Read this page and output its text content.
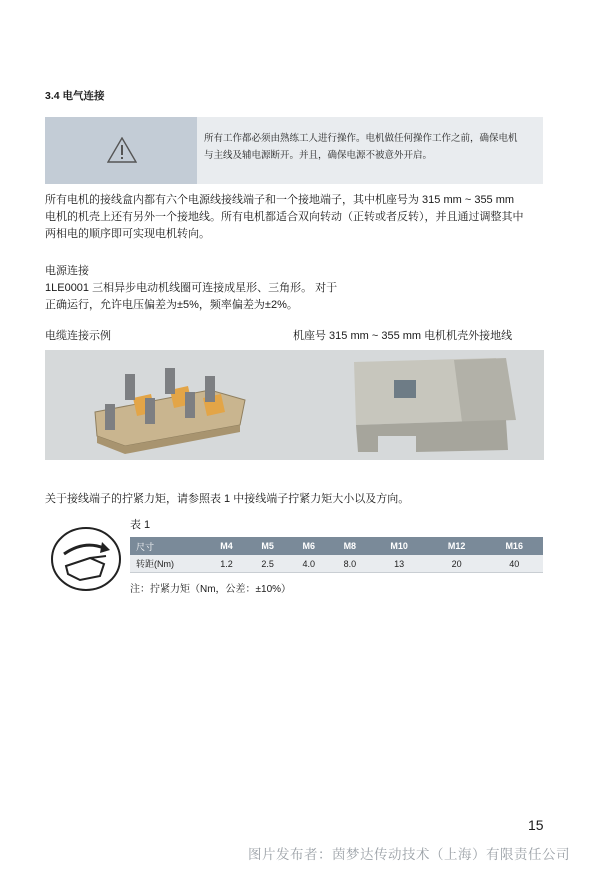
3.4 电气连接
所有工作都必须由熟练工人进行操作。电机做任何操作工作之前，确保电机
与主线及辅电源断开。并且，确保电源不被意外开启。
所有电机的接线盒内都有六个电源线接线端子和一个接地端子，其中机座号为 315 mm ~ 355 mm
电机的机壳上还有另外一个接地线。所有电机都适合双向转动（正转或者反转），并且通过调整其中
两相电的顺序即可实现电机转向。
电源连接
1LE0001 三相异步电动机线圈可连接成星形、三角形。 对于
正确运行，允许电压偏差为±5%，频率偏差为±2%。
电缆连接示例	机座号 315 mm ~ 355 mm 电机机壳外接地线
关于接线端子的拧紧力矩，请参照表 1 中接线端子拧紧力矩大小以及方向。
表 1
尺寸	M4	M5	M6	M8	M10	M12	M16
转距(Nm)	1.2	2.5	4.0	8.0	13	20	40
注：拧紧力矩（Nm，公差：±10%）
15
图片发布者：茵梦达传动技术（上海）有限责任公司
